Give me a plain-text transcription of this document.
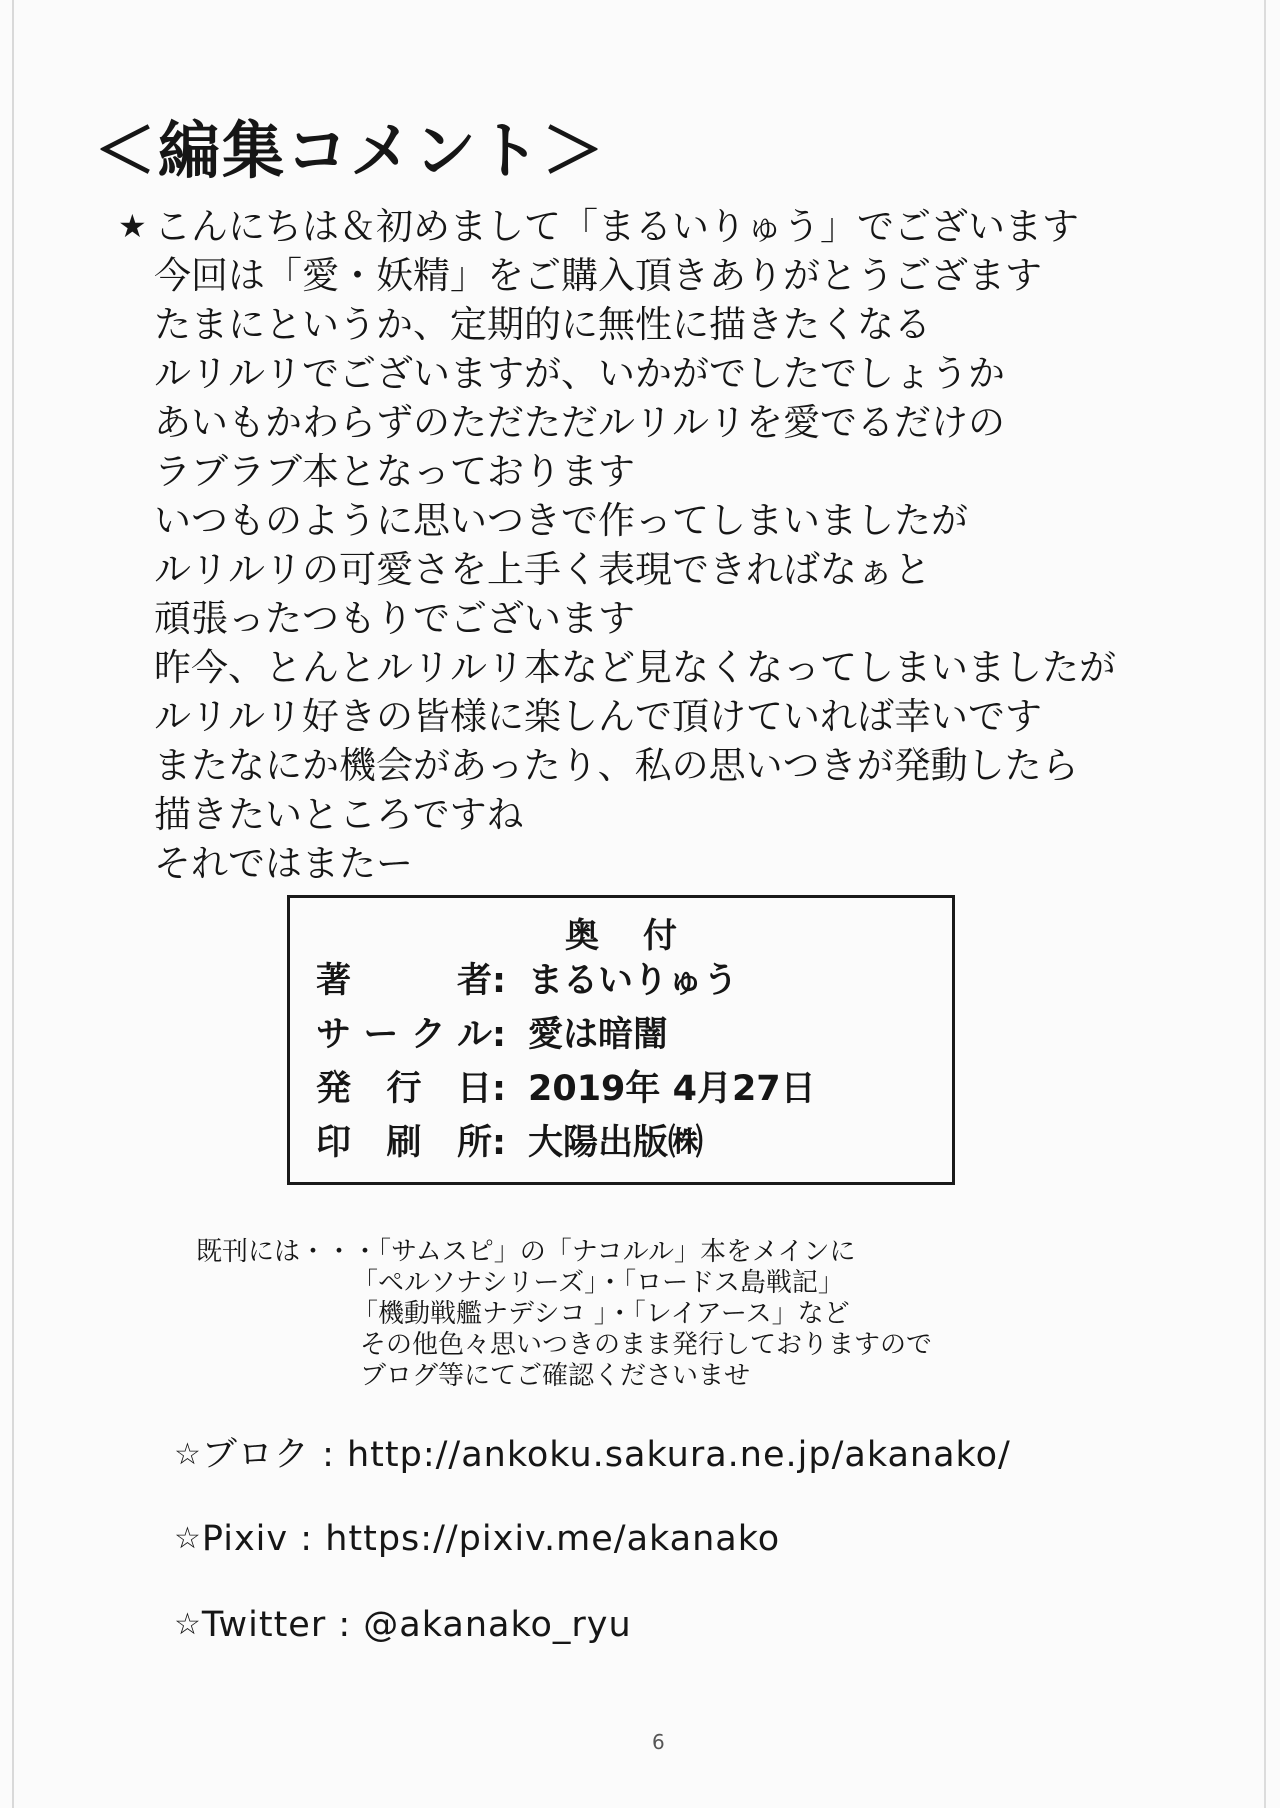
＜編集コメント＞
★ こんにちは＆初めまして「まるいりゅう」でございます
今回は「愛・妖精」をご購入頂きありがとうござます
たまにというか、定期的に無性に描きたくなる
ルリルリでございますが、いかがでしたでしょうか
あいもかわらずのただただルリルリを愛でるだけの
ラブラブ本となっております
いつものように思いつきで作ってしまいましたが
ルリルリの可愛さを上手く表現できればなぁと
頑張ったつもりでございます
昨今、とんとルリルリ本など見なくなってしまいましたが
ルリルリ好きの皆様に楽しんで頂けていれば幸いです
またなにか機会があったり、私の思いつきが発動したら
描きたいところですね
それではまたー
奥付
著者: まるいりゅう
サークル: 愛は暗闇
発行日: 2019年 4月27日
印刷所: 大陽出版㈱
既刊には・・・「サムスピ」の「ナコルル」本をメインに
「ペルソナシリーズ」・「ロードス島戦記」
「機動戦艦ナデシコ 」・「レイアース」など
その他色々思いつきのまま発行しておりますので
ブログ等にてご確認くださいませ
☆ブロク : http://ankoku.sakura.ne.jp/akanako/
☆Pixiv : https://pixiv.me/akanako
☆Twitter : @akanako_ryu
6
